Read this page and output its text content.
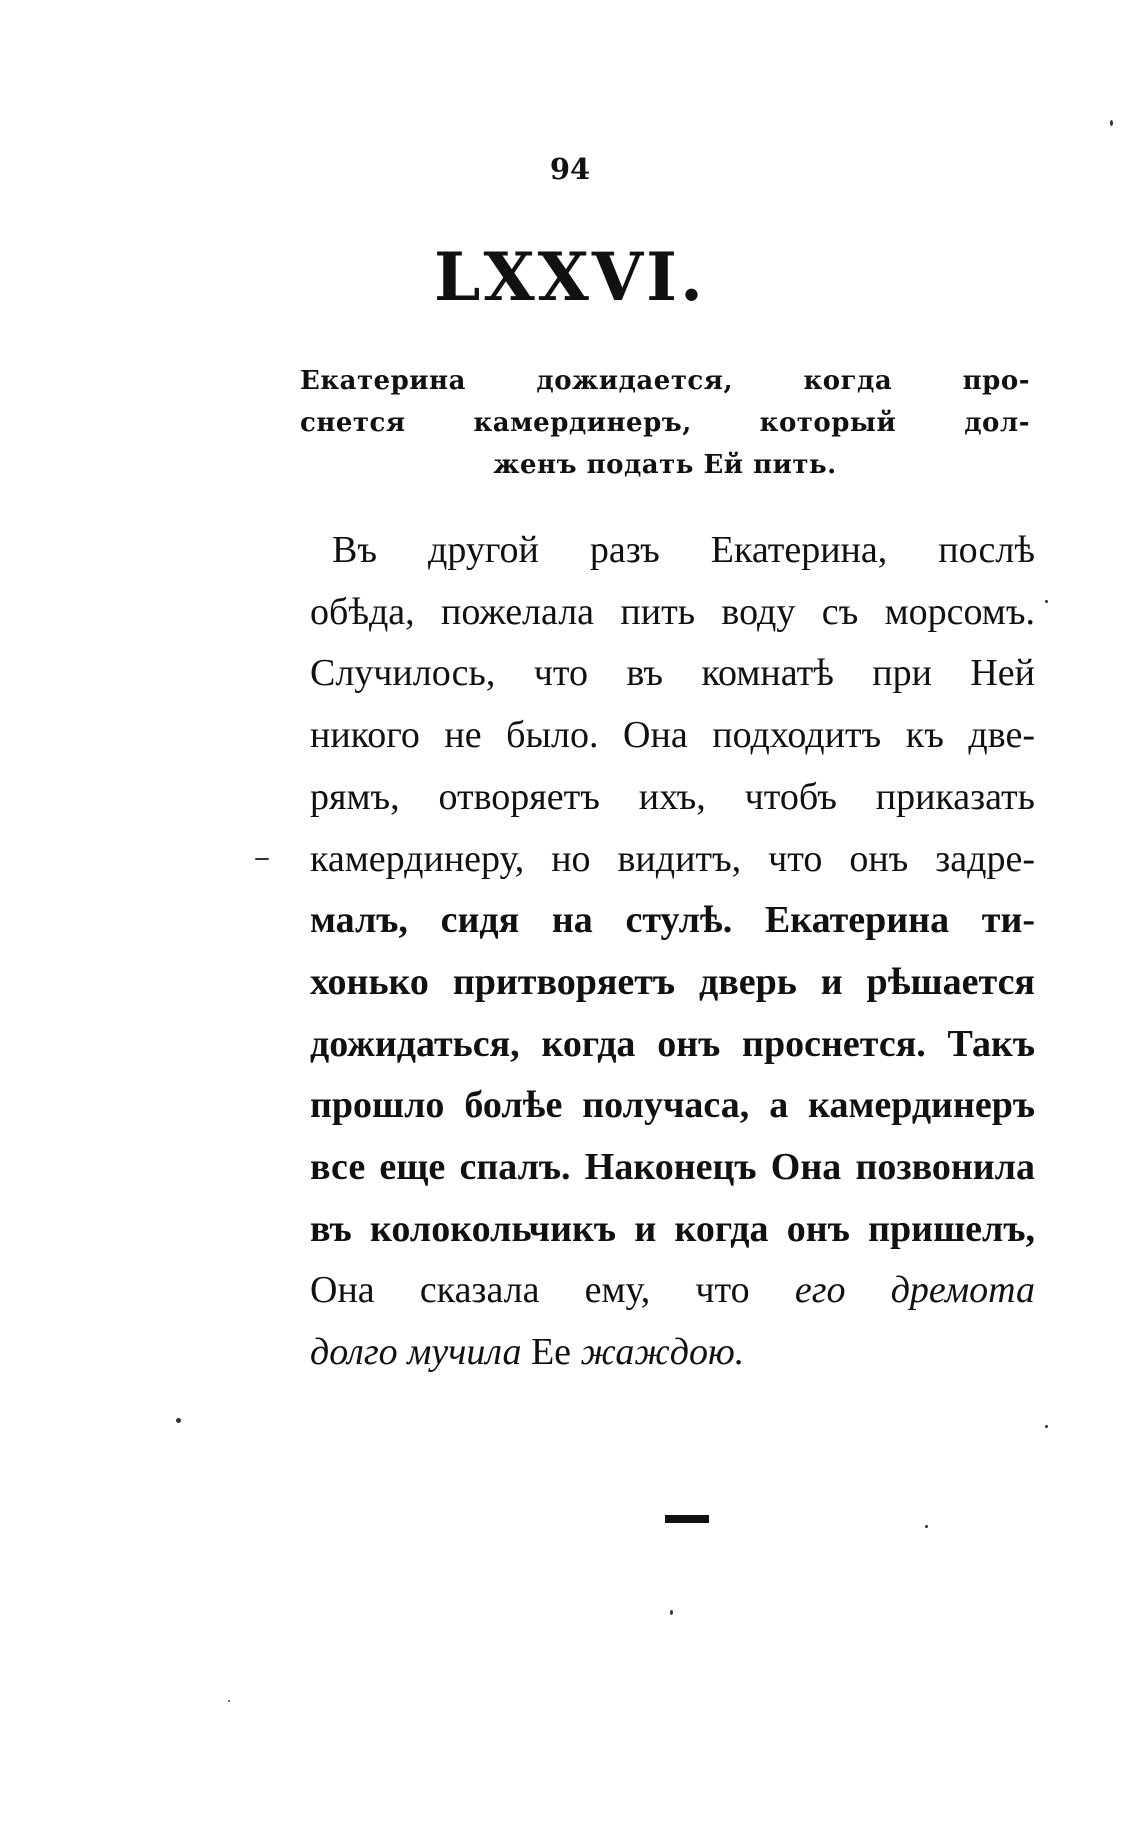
94
LXXVI.
Екатерина дожидается, когда про-
снется камердинеръ, который дол-
женъ подать Ей пить.
Въ другой разъ Екатерина, послѣ
обѣда, пожелала пить воду съ морсомъ.
Случилось, что въ комнатѣ при Ней
никого не было. Она подходитъ къ две-
рямъ, отворяетъ ихъ, чтобъ приказать
камердинеру, но видитъ, что онъ задре-
малъ, сидя на стулѣ. Екатерина ти-
хонько притворяетъ дверь и рѣшается
дожидаться, когда онъ проснется. Такъ
прошло болѣе получаса, а камердинеръ
все еще спалъ. Наконецъ Она позвонила
въ колокольчикъ и когда онъ пришелъ,
Она сказала ему, что его дремота
долго мучила Ее жаждою.
